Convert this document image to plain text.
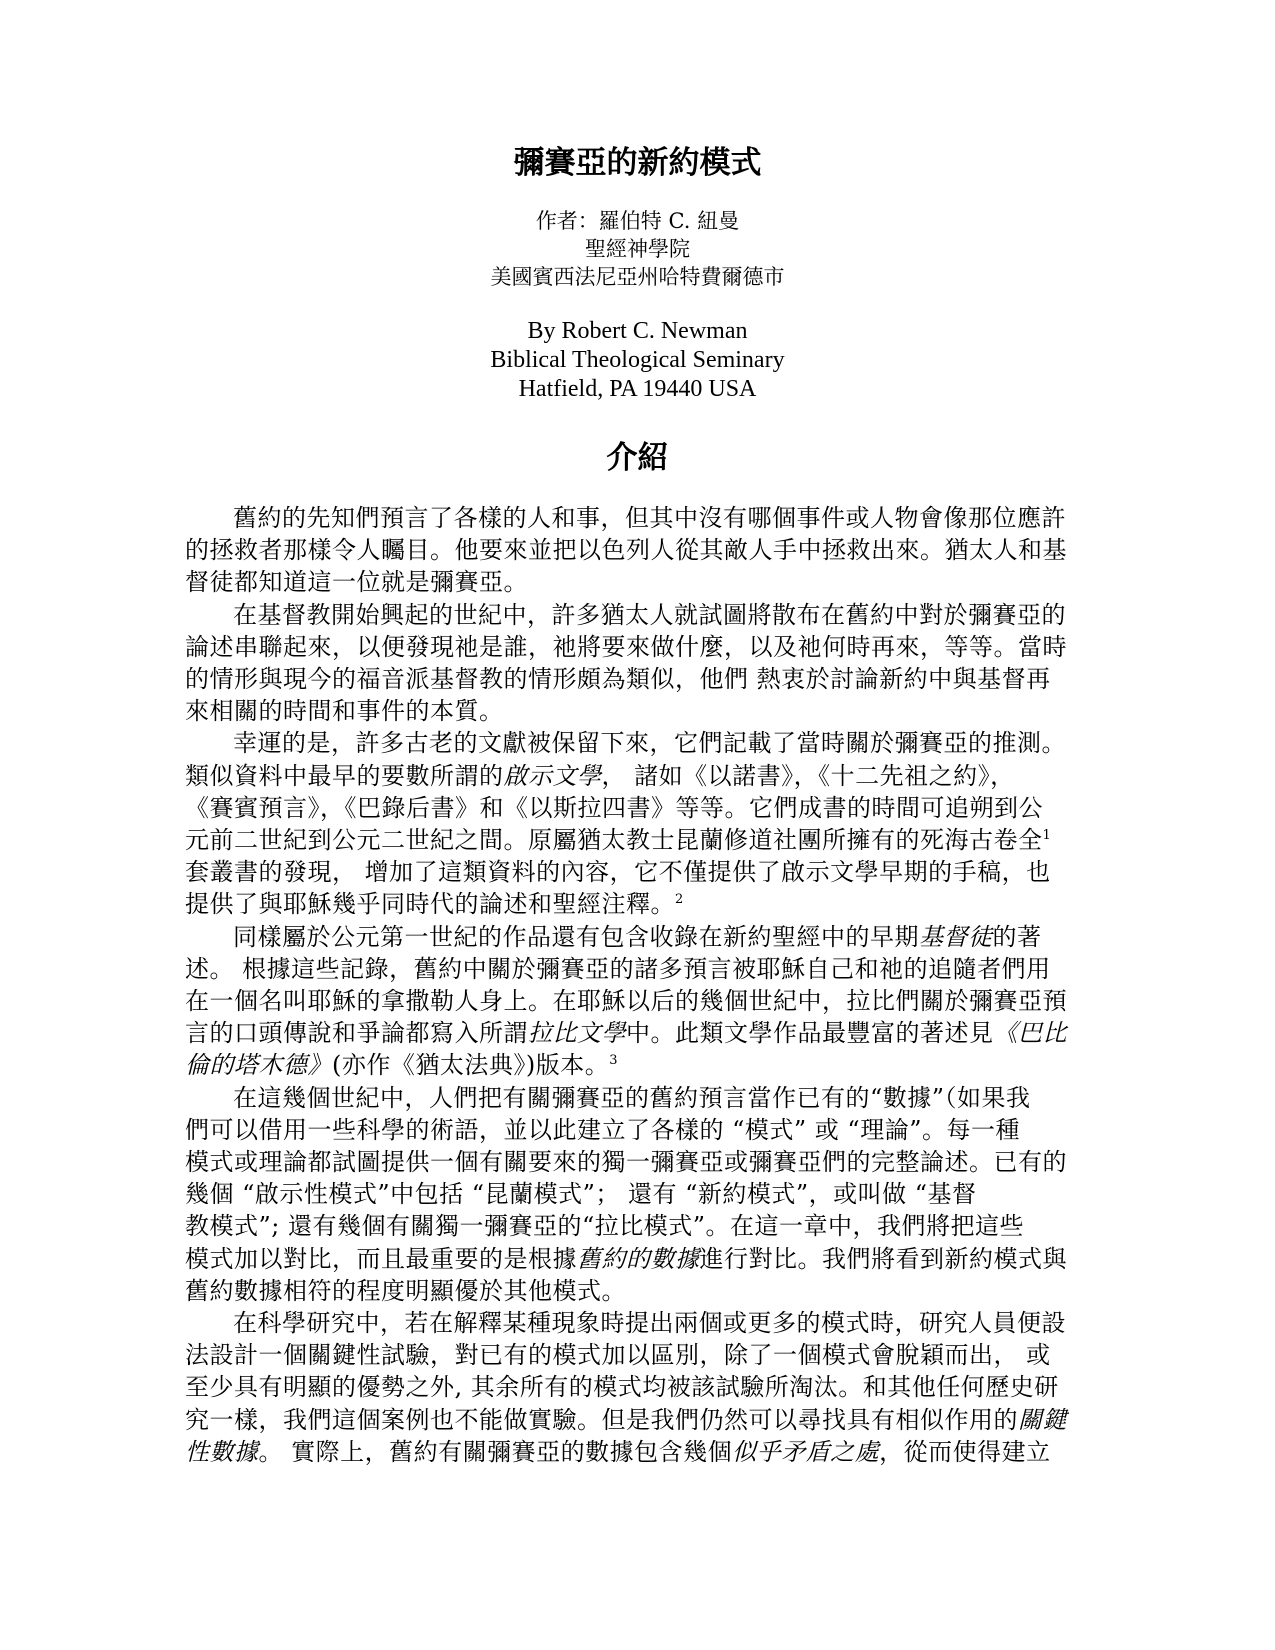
彌賽亞的新約模式
作者：羅伯特 C. 紐曼
聖經神學院
美國賓西法尼亞州哈特費爾德市
By Robert C. Newman
Biblical Theological Seminary
Hatfield, PA 19440 USA
介紹
舊約的先知們預言了各樣的人和事，但其中沒有哪個事件或人物會像那位應許
的拯救者那樣令人矚目。他要來並把以色列人從其敵人手中拯救出來。猶太人和基
督徒都知道這一位就是彌賽亞。
在基督教開始興起的世紀中，許多猶太人就試圖將散布在舊約中對於彌賽亞的
論述串聯起來，以便發現祂是誰，祂將要來做什麼，以及祂何時再來，等等。當時
的情形與現今的福音派基督教的情形頗為類似，他們 熱衷於討論新約中與基督再
來相關的時間和事件的本質。
幸運的是，許多古老的文獻被保留下來，它們記載了當時關於彌賽亞的推測。
類似資料中最早的要數所謂的啟示文學， 諸如《以諾書》，《十二先祖之約》，
《賽賓預言》，《巴錄后書》和《以斯拉四書》等等。它們成書的時間可追朔到公
元前二世紀到公元二世紀之間。原屬猶太教士昆蘭修道社團所擁有的死海古卷全$^1$
套叢書的發現， 增加了這類資料的內容，它不僅提供了啟示文學早期的手稿，也
提供了與耶穌幾乎同時代的論述和聖經注釋。$^2$
同樣屬於公元第一世紀的作品還有包含收錄在新約聖經中的早期基督徒的著
述。 根據這些記錄，舊約中關於彌賽亞的諸多預言被耶穌自己和祂的追隨者們用
在一個名叫耶穌的拿撒勒人身上。在耶穌以后的幾個世紀中，拉比們關於彌賽亞預
言的口頭傳說和爭論都寫入所謂拉比文學中。此類文學作品最豐富的著述見《巴比
倫的塔木德》(亦作《猶太法典》)版本。$^3$
在這幾個世紀中，人們把有關彌賽亞的舊約預言當作已有的“數據”（如果我
們可以借用一些科學的術語，並以此建立了各樣的 “模式” 或 “理論”。每一種
模式或理論都試圖提供一個有關要來的獨一彌賽亞或彌賽亞們的完整論述。已有的
幾個 “啟示性模式”中包括 “昆蘭模式”； 還有 “新約模式”，或叫做 “基督
教模式”; 還有幾個有關獨一彌賽亞的“拉比模式”。在這一章中，我們將把這些
模式加以對比，而且最重要的是根據舊約的數據進行對比。我們將看到新約模式與
舊約數據相符的程度明顯優於其他模式。
在科學研究中，若在解釋某種現象時提出兩個或更多的模式時，研究人員便設
法設計一個關鍵性試驗，對已有的模式加以區別，除了一個模式會脫穎而出， 或
至少具有明顯的優勢之外, 其余所有的模式均被該試驗所淘汰。和其他任何歷史研
究一樣，我們這個案例也不能做實驗。但是我們仍然可以尋找具有相似作用的關鍵
性數據。 實際上，舊約有關彌賽亞的數據包含幾個似乎矛盾之處，從而使得建立
